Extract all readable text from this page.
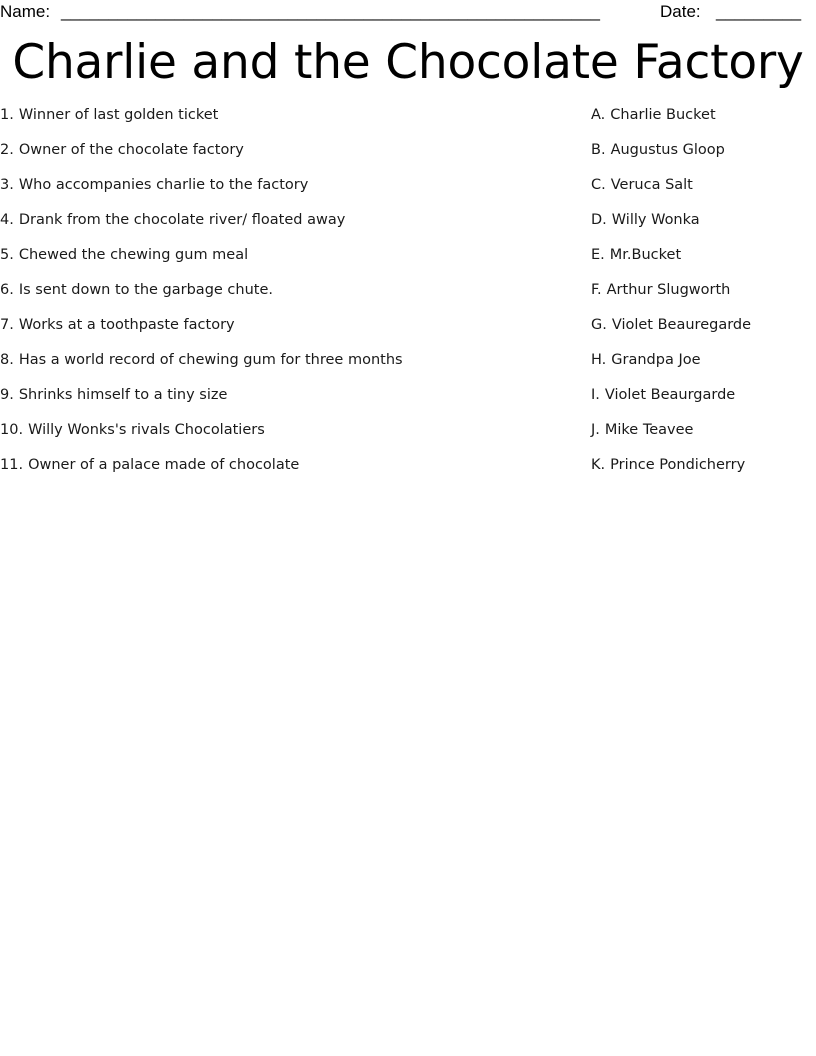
Name: _________________________________________________________	Date: _________
Charlie and the Chocolate Factory
1. Winner of last golden ticket
2. Owner of the chocolate factory
3. Who accompanies charlie to the factory
4. Drank from the chocolate river/ floated away
5. Chewed the chewing gum meal
6. Is sent down to the garbage chute.
7. Works at a toothpaste factory
8. Has a world record of chewing gum for three months
9. Shrinks himself to a tiny size
10. Willy Wonks's rivals Chocolatiers
11. Owner of a palace made of chocolate
A. Charlie Bucket
B. Augustus Gloop
C. Veruca Salt
D. Willy Wonka
E. Mr.Bucket
F. Arthur Slugworth
G. Violet Beauregarde
H. Grandpa Joe
I. Violet Beaurgarde
J. Mike Teavee
K. Prince Pondicherry
